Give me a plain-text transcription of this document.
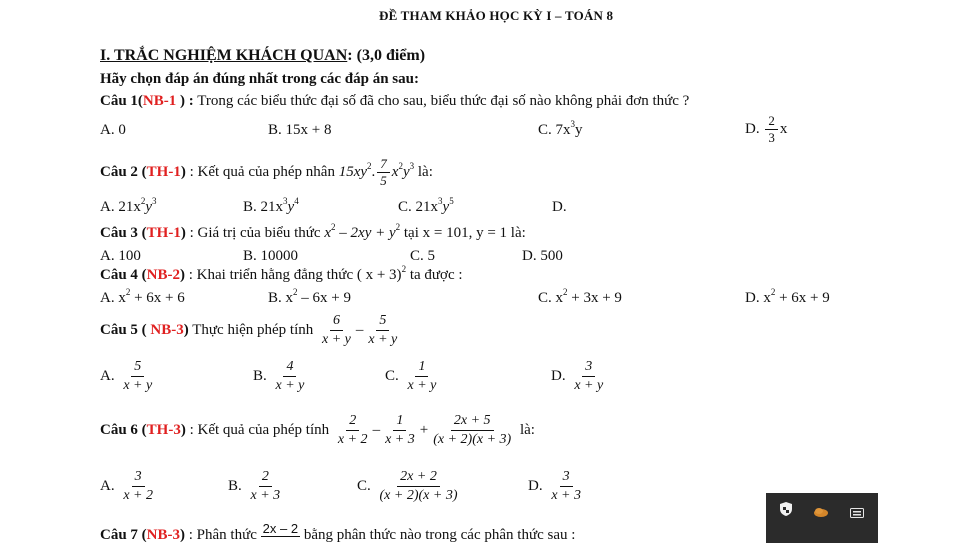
ĐỀ THAM KHẢO HỌC KỲ I – TOÁN 8
I. TRẮC NGHIỆM KHÁCH QUAN: (3,0 điểm)
Hãy chọn đáp án đúng nhất trong các đáp án sau:
Câu 1(NB-1 ) : Trong các biểu thức đại số đã cho sau, biểu thức đại số nào không phải đơn thức ?
A. 0	B. 15x + 8	C. $7x^3y$	D. $\frac{2}{3}$ x
Câu 2 (TH-1) : Kết quả của phép nhân $15xy^2$. $\frac{7}{5} x^2y^3$ là:
A. $21x^2y^3$	B. $21x^3y^4$	C. $21x^3y^5$	D.
Câu 3 (TH-1) : Giá trị của biểu thức $x^2 - 2xy + y^2$ tại x = 101, y = 1 là:
A. 100	B. 10000	C. 5	D. 500
Câu 4 (NB-2) : Khai triển hằng đẳng thức ( x + 3)$^2$ ta được :
A. $x^2 + 6x + 6$	B. $x^2 - 6x + 9$	C. $x^2 + 3x + 9$	D. $x^2 + 6x + 9$
Câu 5 ( NB-3) Thực hiện phép tính $\frac{6}{x + y} - \frac{5}{x + y}$
A. $\frac{5}{x + y}$	B. $\frac{4}{x + y}$	C. $\frac{1}{x + y}$	D. $\frac{3}{x + y}$
Câu 6 (TH-3) : Kết quả của phép tính $\frac{2}{x + 2} - \frac{1}{x + 3} + \frac{2x + 5}{(x + 2)(x + 3)}$ là:
A. $\frac{3}{x + 2}$	B. $\frac{2}{x + 3}$	C. $\frac{2x + 2}{(x + 2)(x + 3)}$	D. $\frac{3}{x + 3}$
Câu 7 (NB-3) : Phân thức 2x – 2 bằng phân thức nào trong các phân thức sau :
